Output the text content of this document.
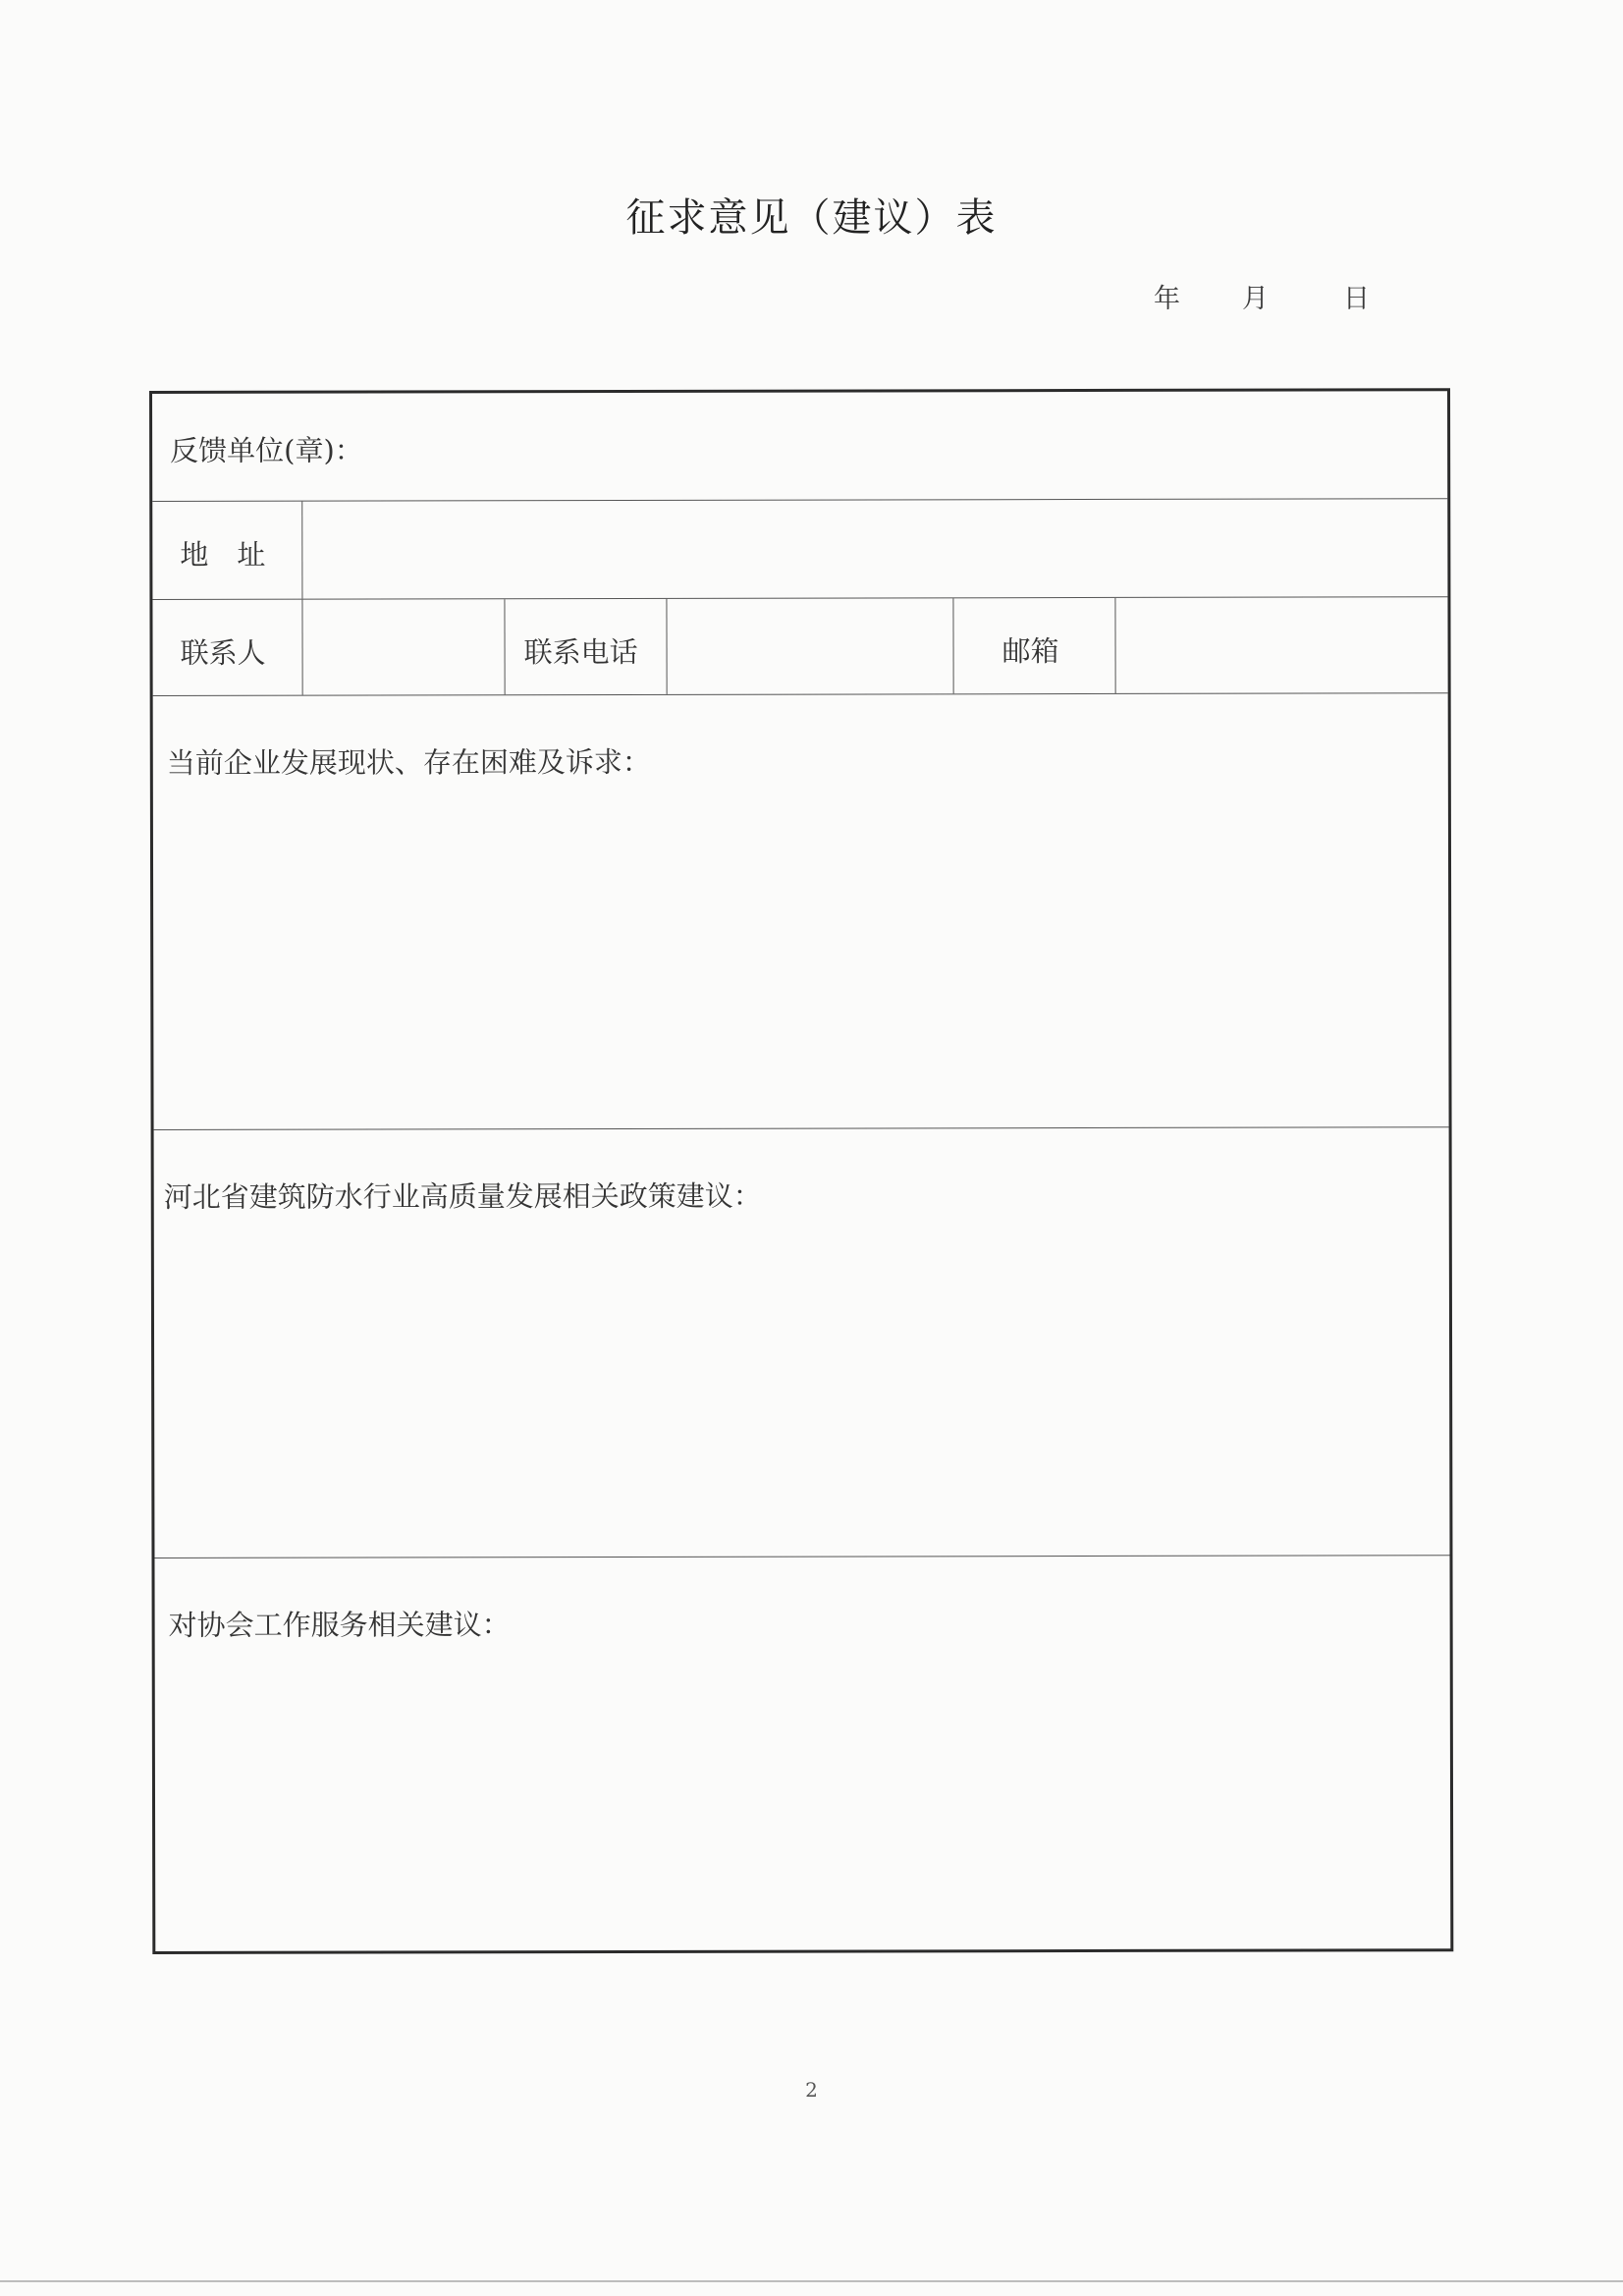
征求意见（建议）表
年 月	日
反馈单位(章)：
地　址
联系人	联系电话	邮箱
当前企业发展现状、存在困难及诉求：
河北省建筑防水行业高质量发展相关政策建议：
对协会工作服务相关建议：
2
